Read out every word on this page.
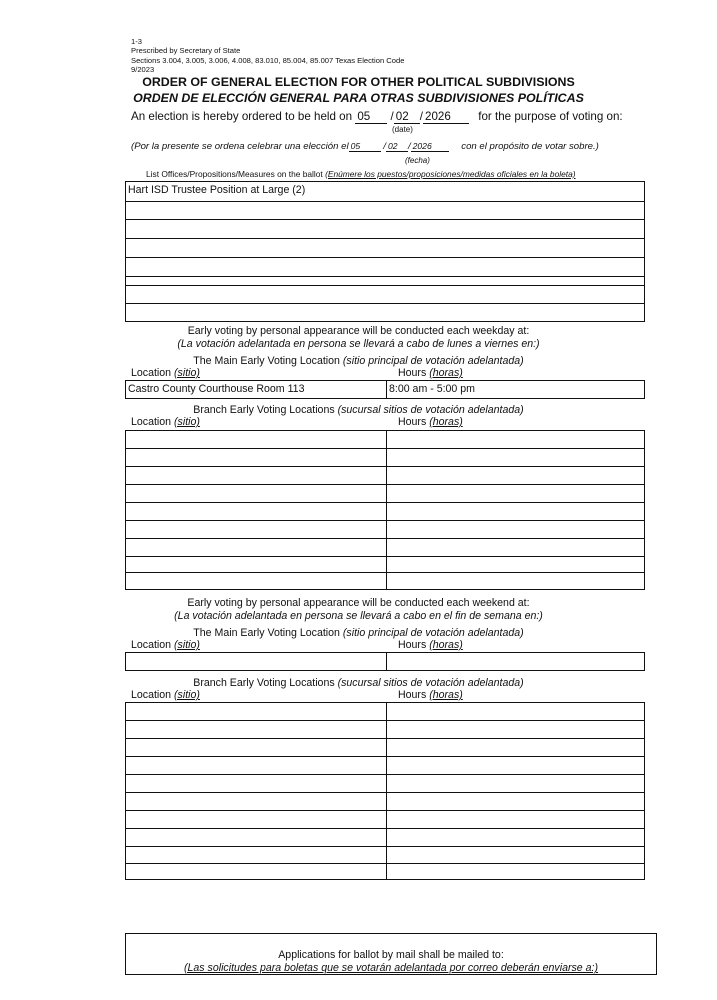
1-3
Prescribed by Secretary of State
Sections 3.004, 3.005, 3.006, 4.008, 83.010, 85.004, 85.007 Texas Election Code
9/2023
ORDER OF GENERAL ELECTION FOR OTHER POLITICAL SUBDIVISIONS
ORDEN DE ELECCIÓN GENERAL PARA OTRAS SUBDIVISIONES POLÍTICAS
An election is hereby ordered to be held on 05 / 02 / 2026 for the purpose of voting on:
(date)
(Por la presente se ordena celebrar una elección el 05 / 02 / 2026	con el propósito de votar sobre.)
(fecha)
List Offices/Propositions/Measures on the ballot (Enúmere los puestos/proposiciones/medidas oficiales en la boleta)
Hart ISD Trustee Position at Large (2)
Early voting by personal appearance will be conducted each weekday at:
(La votación adelantada en persona se llevará a cabo de lunes a viernes en:)
The Main Early Voting Location (sitio principal de votación adelantada)
Location (sitio)	Hours (horas)
Castro County Courthouse Room 113	8:00 am - 5:00 pm
Branch Early Voting Locations (sucursal sitios de votación adelantada)
Location (sitio)	Hours (horas)
Early voting by personal appearance will be conducted each weekend at:
(La votación adelantada en persona se llevará a cabo en el fin de semana en:)
The Main Early Voting Location (sitio principal de votación adelantada)
Location (sitio)	Hours (horas)
Branch Early Voting Locations (sucursal sitios de votación adelantada)
Location (sitio)	Hours (horas)
Applications for ballot by mail shall be mailed to:
(Las solicitudes para boletas que se votarán adelantada por correo deberán enviarse a:)
